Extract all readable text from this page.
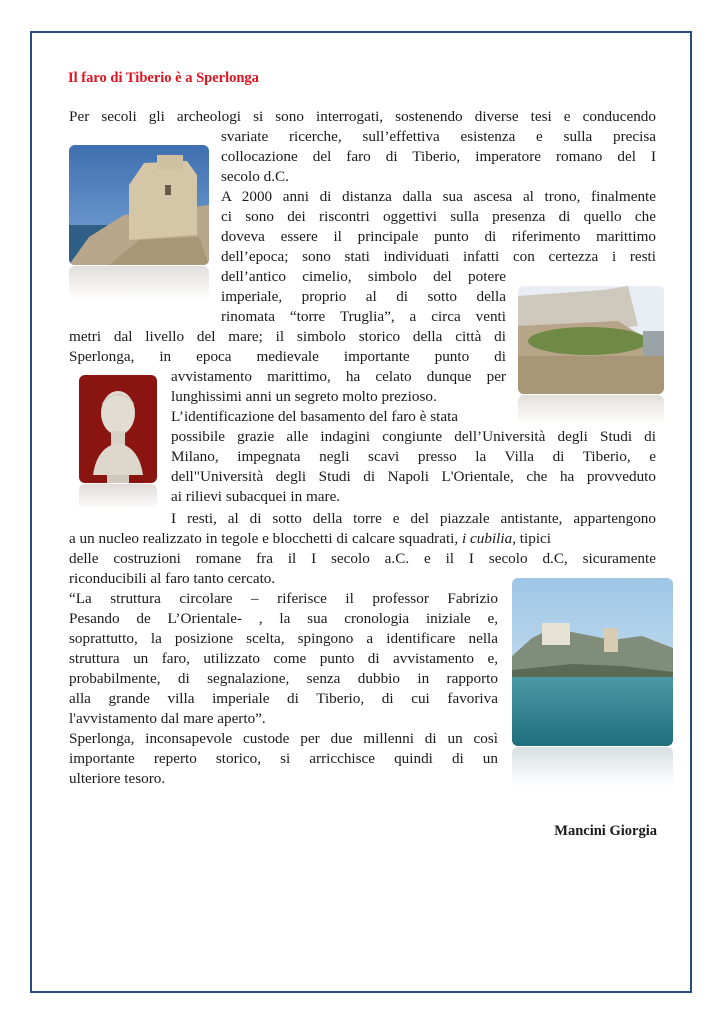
Il faro di Tiberio è a Sperlonga
Per secoli gli archeologi si sono interrogati, sostenendo diverse tesi e conducendo
svariate ricerche, sull’effettiva esistenza e sulla precisa
collocazione del faro di Tiberio, imperatore romano del I
secolo d.C.
A 2000 anni di distanza dalla sua ascesa al trono, finalmente
ci sono dei riscontri oggettivi sulla presenza di quello che
doveva essere il principale punto di riferimento marittimo
dell’epoca; sono stati individuati infatti con certezza i resti
dell’antico cimelio, simbolo del potere
imperiale, proprio al di sotto della
rinomata “torre Truglia”, a circa venti
metri dal livello del mare; il simbolo storico della città di
Sperlonga, in epoca medievale importante punto di
avvistamento marittimo, ha celato dunque per
lunghissimi anni un segreto molto prezioso.
L’identificazione del basamento del faro è stata
possibile grazie alle indagini congiunte dell’Università degli Studi di
Milano, impegnata negli scavi presso la Villa di Tiberio, e
dell"Università degli Studi di Napoli L'Orientale, che ha provveduto
ai rilievi subacquei in mare.
I resti, al di sotto della torre e del piazzale antistante, appartengono
a un nucleo realizzato in tegole e blocchetti di calcare squadrati, i cubilia, tipici
delle costruzioni romane fra il I secolo a.C. e il I secolo d.C, sicuramente
riconducibili al faro tanto cercato.
“La struttura circolare – riferisce il professor Fabrizio
Pesando de L’Orientale- , la sua cronologia iniziale e,
soprattutto, la posizione scelta, spingono a identificare nella
struttura un faro, utilizzato come punto di avvistamento e,
probabilmente, di segnalazione, senza dubbio in rapporto
alla grande villa imperiale di Tiberio, di cui favoriva
l'avvistamento dal mare aperto”.
Sperlonga, inconsapevole custode per due millenni di un così
importante reperto storico, si arricchisce quindi di un
ulteriore tesoro.
Mancini Giorgia
